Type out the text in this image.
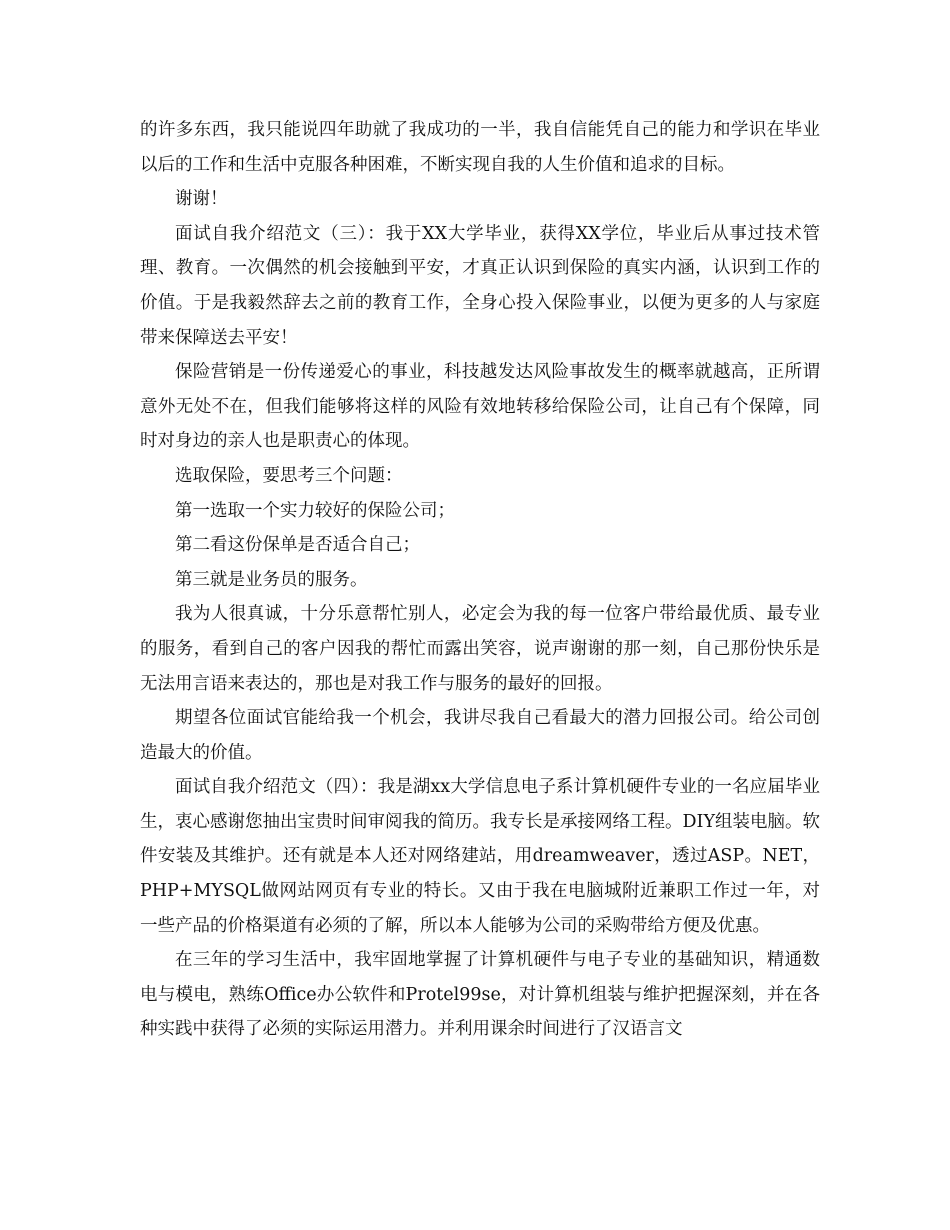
的许多东西，我只能说四年助就了我成功的一半，我自信能凭自己的能力和学识在毕业以后的工作和生活中克服各种困难，不断实现自我的人生价值和追求的目标。

谢谢！

面试自我介绍范文（三）：我于XX大学毕业，获得XX学位，毕业后从事过技术管理、教育。一次偶然的机会接触到平安，才真正认识到保险的真实内涵，认识到工作的价值。于是我毅然辞去之前的教育工作，全身心投入保险事业，以便为更多的人与家庭带来保障送去平安！

保险营销是一份传递爱心的事业，科技越发达风险事故发生的概率就越高，正所谓意外无处不在，但我们能够将这样的风险有效地转移给保险公司，让自己有个保障，同时对身边的亲人也是职责心的体现。

选取保险，要思考三个问题：

第一选取一个实力较好的保险公司；

第二看这份保单是否适合自己；

第三就是业务员的服务。

我为人很真诚，十分乐意帮忙别人，必定会为我的每一位客户带给最优质、最专业的服务，看到自己的客户因我的帮忙而露出笑容，说声谢谢的那一刻，自己那份快乐是无法用言语来表达的，那也是对我工作与服务的最好的回报。

期望各位面试官能给我一个机会，我讲尽我自己看最大的潜力回报公司。给公司创造最大的价值。

面试自我介绍范文（四）：我是湖xx大学信息电子系计算机硬件专业的一名应届毕业生，衷心感谢您抽出宝贵时间审阅我的简历。我专长是承接网络工程。DIY组装电脑。软件安装及其维护。还有就是本人还对网络建站，用dreamweaver，透过ASP。NET，PHP+MYSQL做网站网页有专业的特长。又由于我在电脑城附近兼职工作过一年，对一些产品的价格渠道有必须的了解，所以本人能够为公司的采购带给方便及优惠。

在三年的学习生活中，我牢固地掌握了计算机硬件与电子专业的基础知识，精通数电与模电，熟练Office办公软件和Protel99se，对计算机组装与维护把握深刻，并在各种实践中获得了必须的实际运用潜力。并利用课余时间进行了汉语言文
